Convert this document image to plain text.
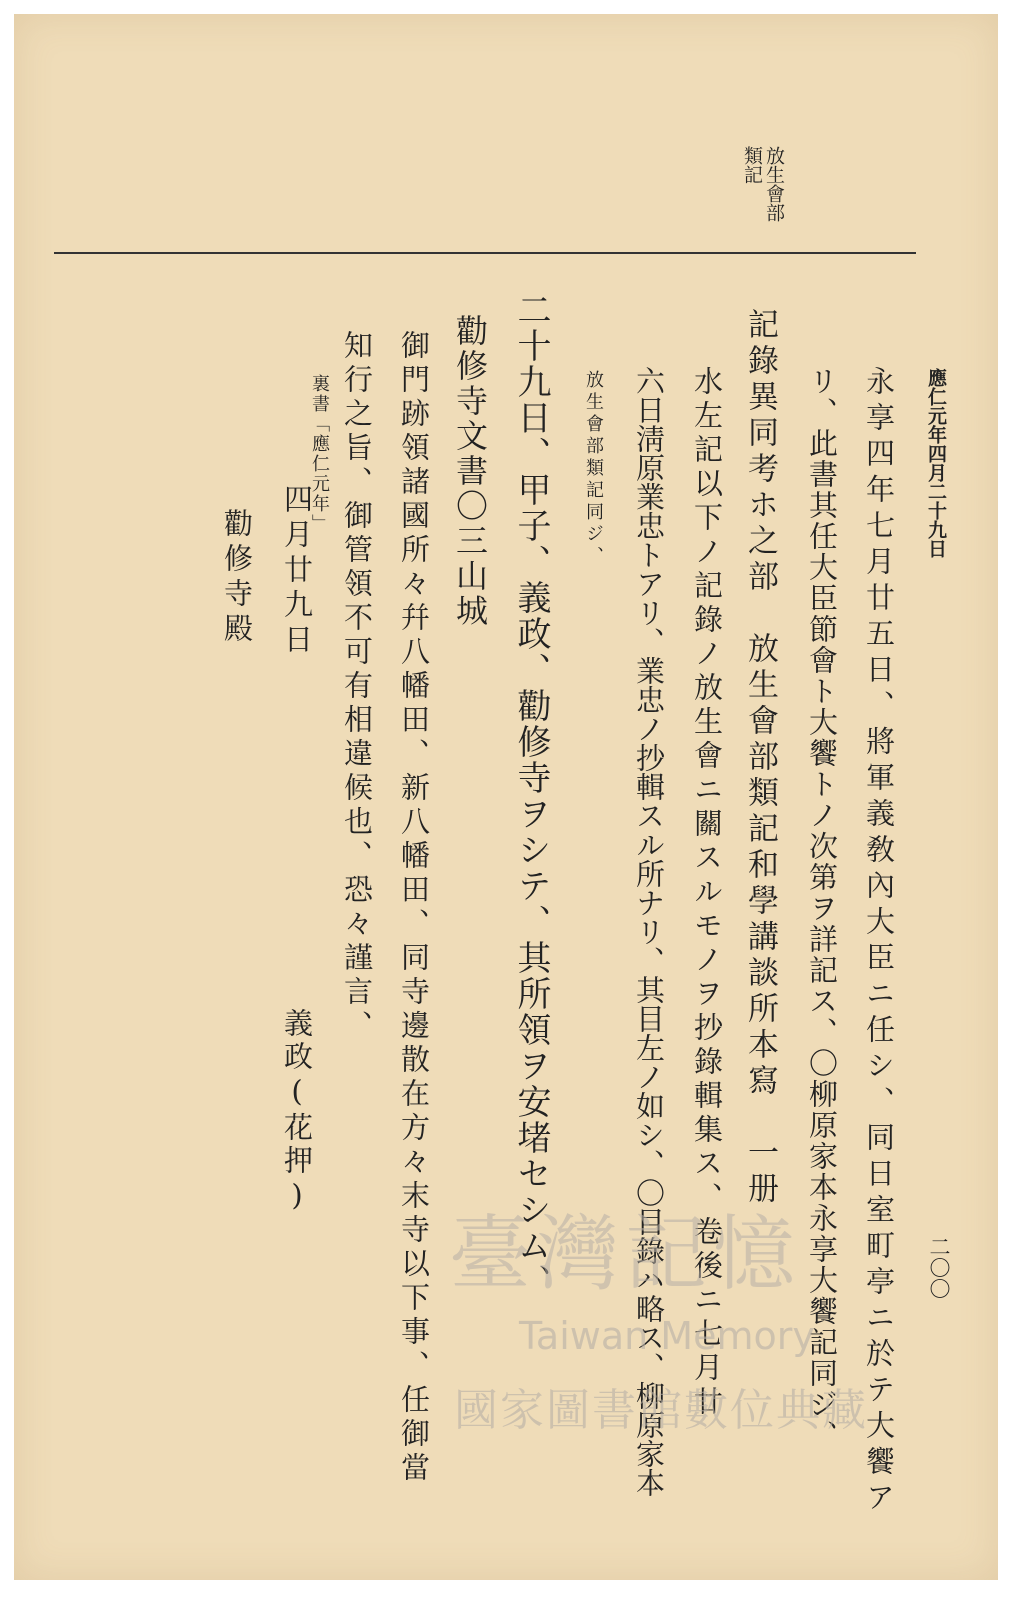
應仁元年四月二十九日
二〇〇
放生會部
類記
永享四年七月廿五日、將軍義敎內大臣ニ任シ、同日室町亭ニ於テ大饗ア
リ、此書其任大臣節會ト大饗トノ次第ヲ詳記ス、〇柳原家本永享大饗記同ジ、
記錄異同考ホ之部　放生會部類記和學講談所本寫　一册
水左記以下ノ記錄ノ放生會ニ關スルモノヲ抄錄輯集ス、卷後ニ七月廿
六日淸原業忠トアリ、業忠ノ抄輯スル所ナリ、其目左ノ如シ、〇目錄ハ略ス、柳原家本
放生會部類記同ジ、
二十九日、甲子、義政、勸修寺ヲシテ、其所領ヲ安堵セシム、
勸修寺文書〇三山城
御門跡領諸國所々幷八幡田、新八幡田、同寺邊散在方々末寺以下事、任御當
知行之旨、御管領不可有相違候也、恐々謹言、
裏書「應仁元年」
四月廿九日
義政(花押)
勸修寺殿
臺灣記憶
Taiwan Memory
國家圖書館數位典藏
